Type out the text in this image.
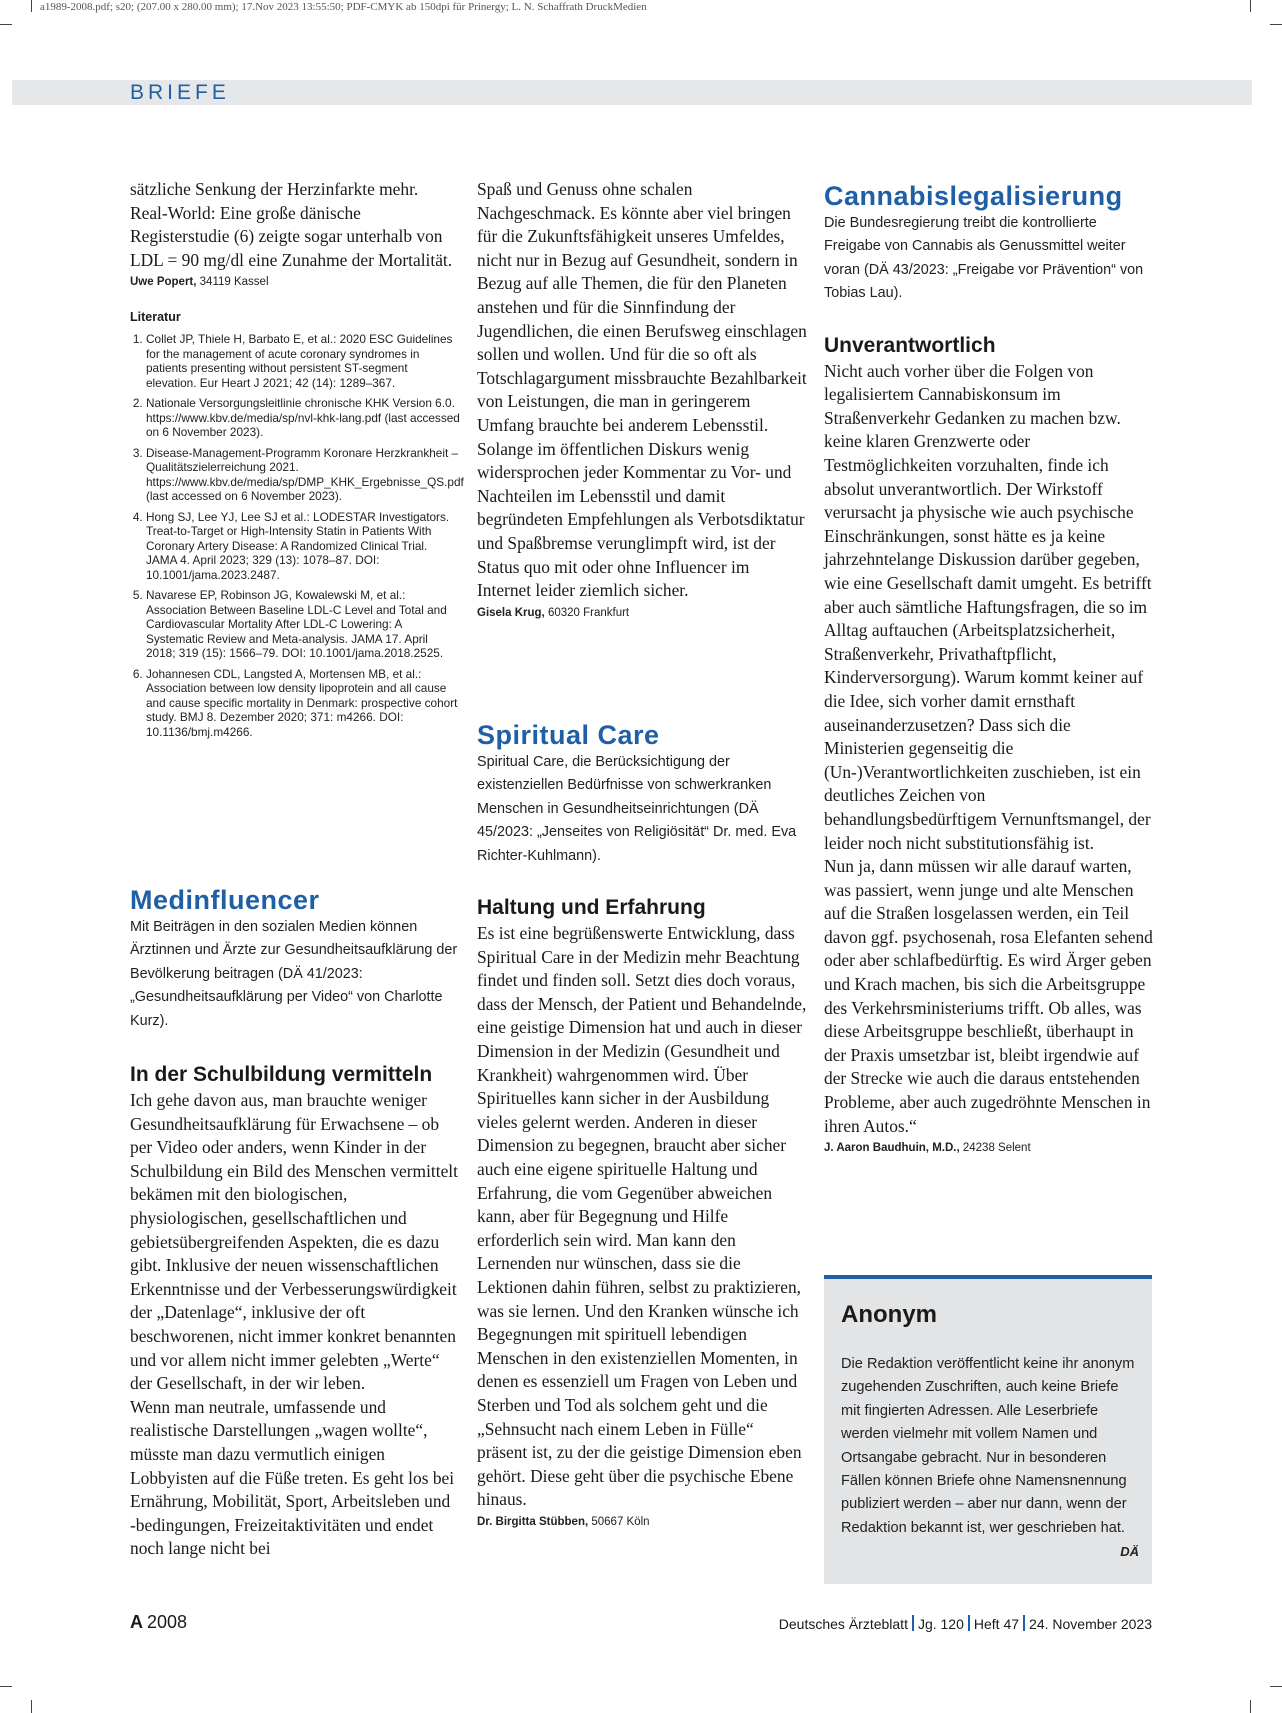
a1989-2008.pdf; s20; (207.00 x 280.00 mm); 17.Nov 2023 13:55:50; PDF-CMYK ab 150dpi für Prinergy; L. N. Schaffrath DruckMedien
BRIEFE

sätzliche Senkung der Herzinfarkte mehr. Real-World: Eine große dänische Registerstudie (6) zeigte sogar unterhalb von LDL = 90 mg/dl eine Zunahme der Mortalität.

Uwe Popert, 34119 Kassel

Literatur

1. Collet JP, Thiele H, Barbato E, et al.: 2020 ESC Guidelines for the management of acute coronary syndromes in patients presenting without persistent ST-segment elevation. Eur Heart J 2021; 42 (14): 1289–367.
2. Nationale Versorgungsleitlinie chronische KHK Version 6.0. https://www.kbv.de/media/sp/nvl-khk-lang.pdf (last accessed on 6 November 2023).
3. Disease-Management-Programm Koronare Herzkrankheit – Qualitätszielerreichung 2021. https://www.kbv.de/media/sp/DMP_KHK_Ergebnisse_QS.pdf (last accessed on 6 November 2023).
4. Hong SJ, Lee YJ, Lee SJ et al.: LODESTAR Investigators. Treat-to-Target or High-Intensity Statin in Patients With Coronary Artery Disease: A Randomized Clinical Trial. JAMA 4. April 2023; 329 (13): 1078–87. DOI: 10.1001/jama.2023.2487.
5. Navarese EP, Robinson JG, Kowalewski M, et al.: Association Between Baseline LDL-C Level and Total and Cardiovascular Mortality After LDL-C Lowering: A Systematic Review and Meta-analysis. JAMA 17. April 2018; 319 (15): 1566–79. DOI: 10.1001/jama.2018.2525.
6. Johannesen CDL, Langsted A, Mortensen MB, et al.: Association between low density lipoprotein and all cause and cause specific mortality in Denmark: prospective cohort study. BMJ 8. Dezember 2020; 371: m4266. DOI: 10.1136/bmj.m4266.
Medinfluencer

Mit Beiträgen in den sozialen Medien können Ärztinnen und Ärzte zur Gesundheitsaufklärung der Bevölkerung beitragen (DÄ 41/2023: „Gesundheitsaufklärung per Video“ von Charlotte Kurz).

In der Schulbildung vermitteln

Ich gehe davon aus, man brauchte weniger Gesundheitsaufklärung für Erwachsene – ob per Video oder anders, wenn Kinder in der Schulbildung ein Bild des Menschen vermittelt bekämen mit den biologischen, physiologischen, gesellschaftlichen und gebietsübergreifenden Aspekten, die es dazu gibt. Inklusive der neuen wissenschaftlichen Erkenntnisse und der Verbesserungswürdigkeit der „Datenlage“, inklusive der oft beschworenen, nicht immer konkret benannten und vor allem nicht immer gelebten „Werte“ der Gesellschaft, in der wir leben.

Wenn man neutrale, umfassende und realistische Darstellungen „wagen wollte“, müsste man dazu vermutlich einigen Lobbyisten auf die Füße treten. Es geht los bei Ernährung, Mobilität, Sport, Arbeitsleben und -bedingungen, Freizeitaktivitäten und endet noch lange nicht bei

Spaß und Genuss ohne schalen Nachgeschmack. Es könnte aber viel bringen für die Zukunftsfähigkeit unseres Umfeldes, nicht nur in Bezug auf Gesundheit, sondern in Bezug auf alle Themen, die für den Planeten anstehen und für die Sinnfindung der Jugendlichen, die einen Berufsweg einschlagen sollen und wollen. Und für die so oft als Totschlagargument missbrauchte Bezahlbarkeit von Leistungen, die man in geringerem Umfang brauchte bei anderem Lebensstil. Solange im öffentlichen Diskurs wenig widersprochen jeder Kommentar zu Vor- und Nachteilen im Lebensstil und damit begründeten Empfehlungen als Verbotsdiktatur und Spaßbremse verunglimpft wird, ist der Status quo mit oder ohne Influencer im Internet leider ziemlich sicher.

Gisela Krug, 60320 Frankfurt

Spiritual Care

Spiritual Care, die Berücksichtigung der existenziellen Bedürfnisse von schwerkranken Menschen in Gesundheitseinrichtungen (DÄ 45/2023: „Jenseites von Religiösität“ Dr. med. Eva Richter-Kuhlmann).

Haltung und Erfahrung

Es ist eine begrüßenswerte Entwicklung, dass Spiritual Care in der Medizin mehr Beachtung findet und finden soll. Setzt dies doch voraus, dass der Mensch, der Patient und Behandelnde, eine geistige Dimension hat und auch in dieser Dimension in der Medizin (Gesundheit und Krankheit) wahrgenommen wird. Über Spirituelles kann sicher in der Ausbildung vieles gelernt werden. Anderen in dieser Dimension zu begegnen, braucht aber sicher auch eine eigene spirituelle Haltung und Erfahrung, die vom Gegenüber abweichen kann, aber für Begegnung und Hilfe erforderlich sein wird. Man kann den Lernenden nur wünschen, dass sie die Lektionen dahin führen, selbst zu praktizieren, was sie lernen. Und den Kranken wünsche ich Begegnungen mit spirituell lebendigen Menschen in den existenziellen Momenten, in denen es essenziell um Fragen von Leben und Sterben und Tod als solchem geht und die „Sehnsucht nach einem Leben in Fülle“ präsent ist, zu der die geistige Dimension eben gehört. Diese geht über die psychische Ebene hinaus.

Dr. Birgitta Stübben, 50667 Köln

Cannabislegalisierung

Die Bundesregierung treibt die kontrollierte Freigabe von Cannabis als Genussmittel weiter voran (DÄ 43/2023: „Freigabe vor Prävention“ von Tobias Lau).

Unverantwortlich

Nicht auch vorher über die Folgen von legalisiertem Cannabiskonsum im Straßenverkehr Gedanken zu machen bzw. keine klaren Grenzwerte oder Testmöglichkeiten vorzuhalten, finde ich absolut unverantwortlich. Der Wirkstoff verursacht ja physische wie auch psychische Einschränkungen, sonst hätte es ja keine jahrzehntelange Diskussion darüber gegeben, wie eine Gesellschaft damit umgeht. Es betrifft aber auch sämtliche Haftungsfragen, die so im Alltag auftauchen (Arbeitsplatzsicherheit, Straßenverkehr, Privathaftpflicht, Kinderversorgung). Warum kommt keiner auf die Idee, sich vorher damit ernsthaft auseinanderzusetzen? Dass sich die Ministerien gegenseitig die (Un-)Verantwortlichkeiten zuschieben, ist ein deutliches Zeichen von behandlungsbedürftigem Vernunftsmangel, der leider noch nicht substitutionsfähig ist.

Nun ja, dann müssen wir alle darauf warten, was passiert, wenn junge und alte Menschen auf die Straßen losgelassen werden, ein Teil davon ggf. psychosenah, rosa Elefanten sehend oder aber schlafbedürftig. Es wird Ärger geben und Krach machen, bis sich die Arbeitsgruppe des Verkehrsministeriums trifft. Ob alles, was diese Arbeitsgruppe beschließt, überhaupt in der Praxis umsetzbar ist, bleibt irgendwie auf der Strecke wie auch die daraus entstehenden Probleme, aber auch zugedröhnte Menschen in ihren Autos.“

J. Aaron Baudhuin, M.D., 24238 Selent

Anonym

Die Redaktion veröffentlicht keine ihr anonym zugehenden Zuschriften, auch keine Briefe mit fingierten Adressen. Alle Leserbriefe werden vielmehr mit vollem Namen und Ortsangabe gebracht. Nur in besonderen Fällen können Briefe ohne Namensnennung publiziert werden – aber nur dann, wenn der Redaktion bekannt ist, wer geschrieben hat.
DÄ

A 2008	Deutsches Ärzteblatt Jg. 120 Heft 47 24. November 2023
